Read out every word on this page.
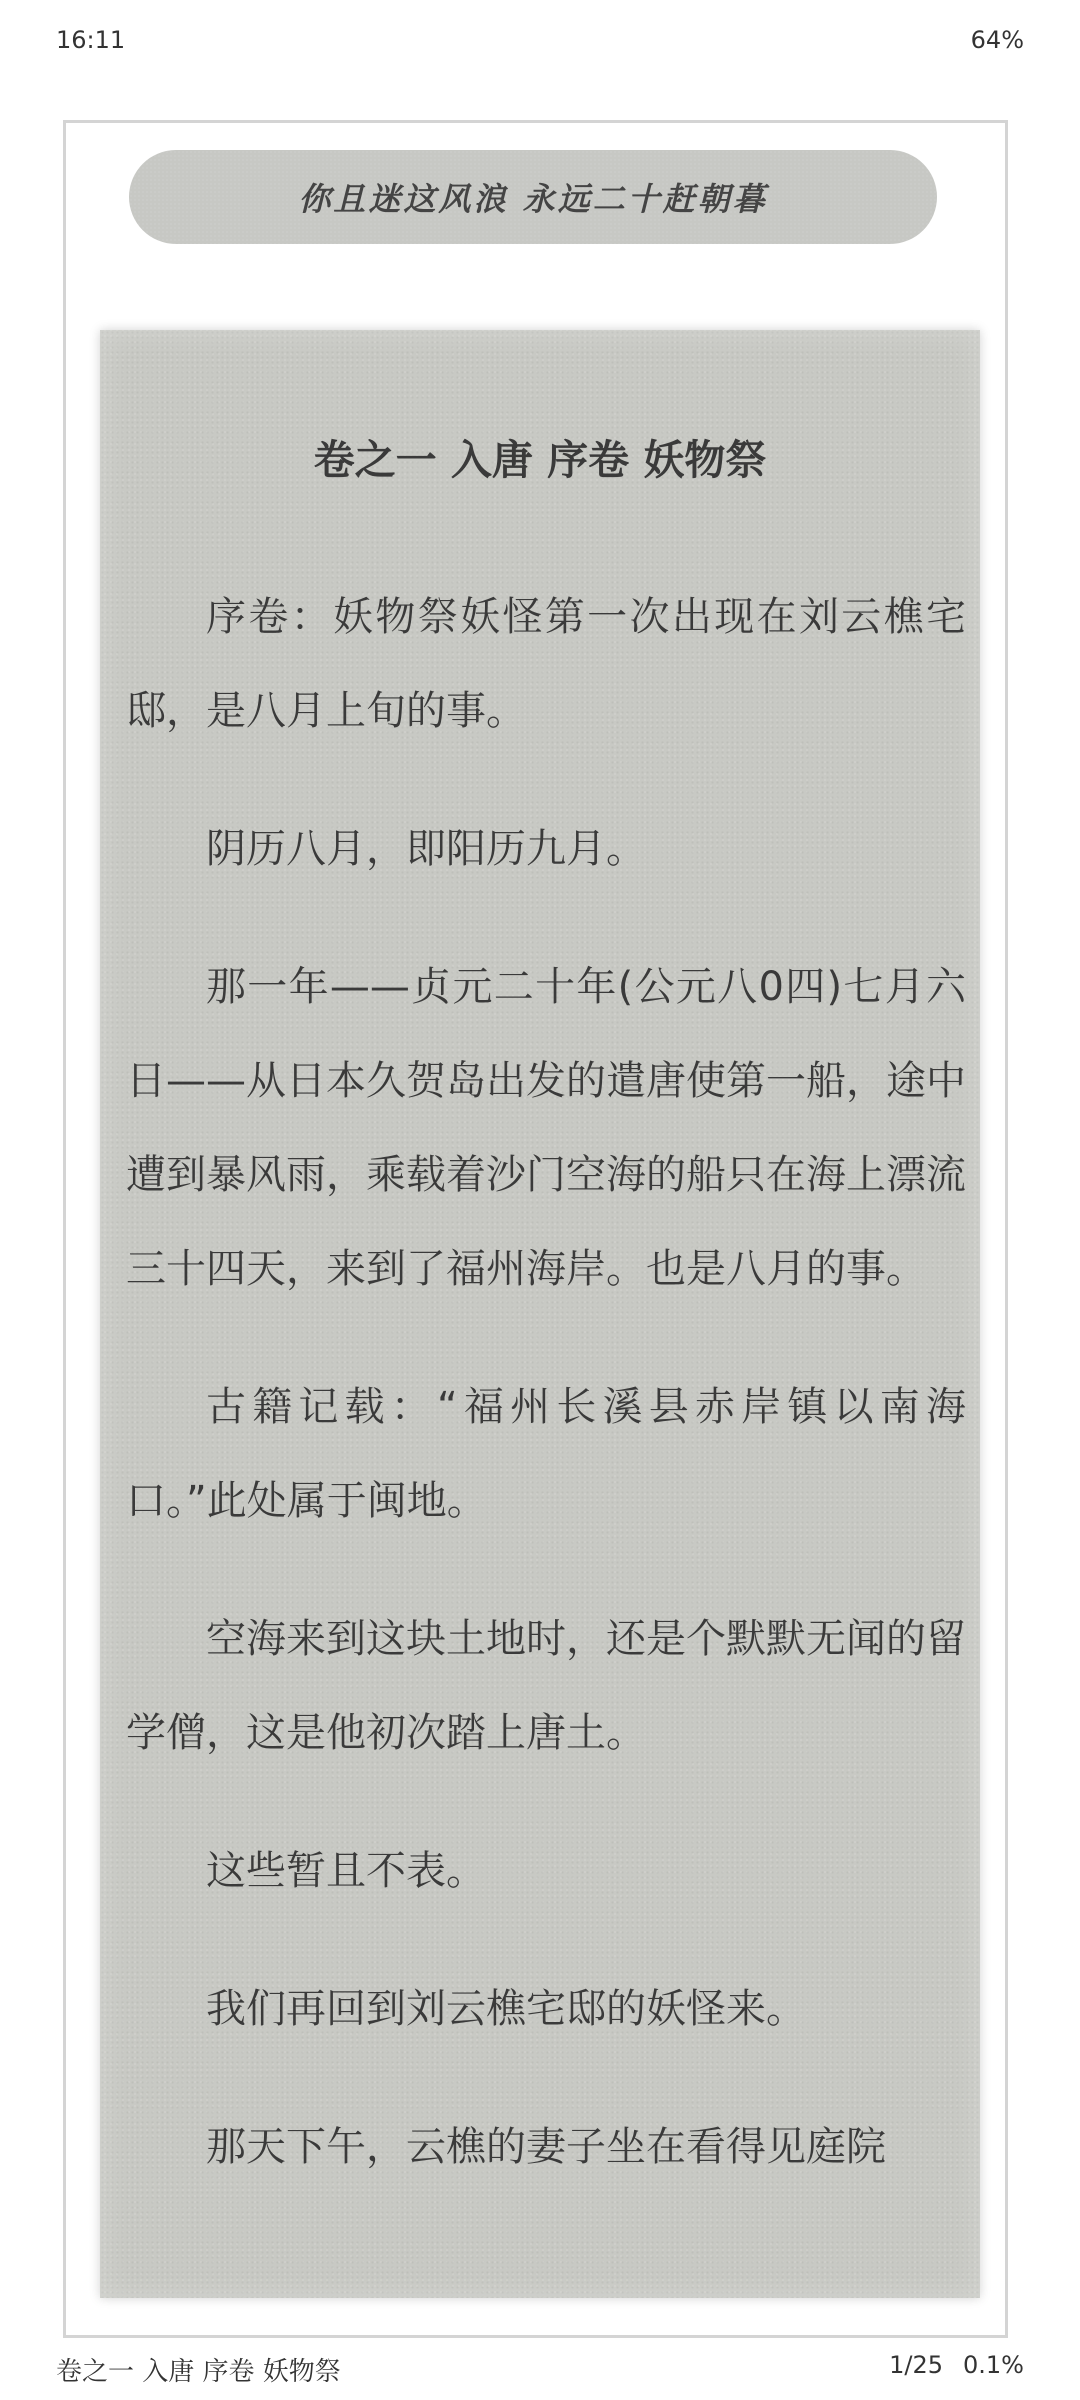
16:11	64%
你且迷这风浪 永远二十赶朝暮
卷之一 入唐 序卷 妖物祭

序卷：妖物祭妖怪第一次出现在刘云樵宅邸，是八月上旬的事。

阴历八月，即阳历九月。

那一年——贞元二十年(公元八0四)七月六日——从日本久贺岛出发的遣唐使第一船，途中遭到暴风雨，乘载着沙门空海的船只在海上漂流三十四天，来到了福州海岸。也是八月的事。

古籍记载：“福州长溪县赤岸镇以南海口。”此处属于闽地。

空海来到这块土地时，还是个默默无闻的留学僧，这是他初次踏上唐土。

这些暂且不表。

我们再回到刘云樵宅邸的妖怪来。

那天下午，云樵的妻子坐在看得见庭院

卷之一 入唐 序卷 妖物祭	1/25 0.1%
